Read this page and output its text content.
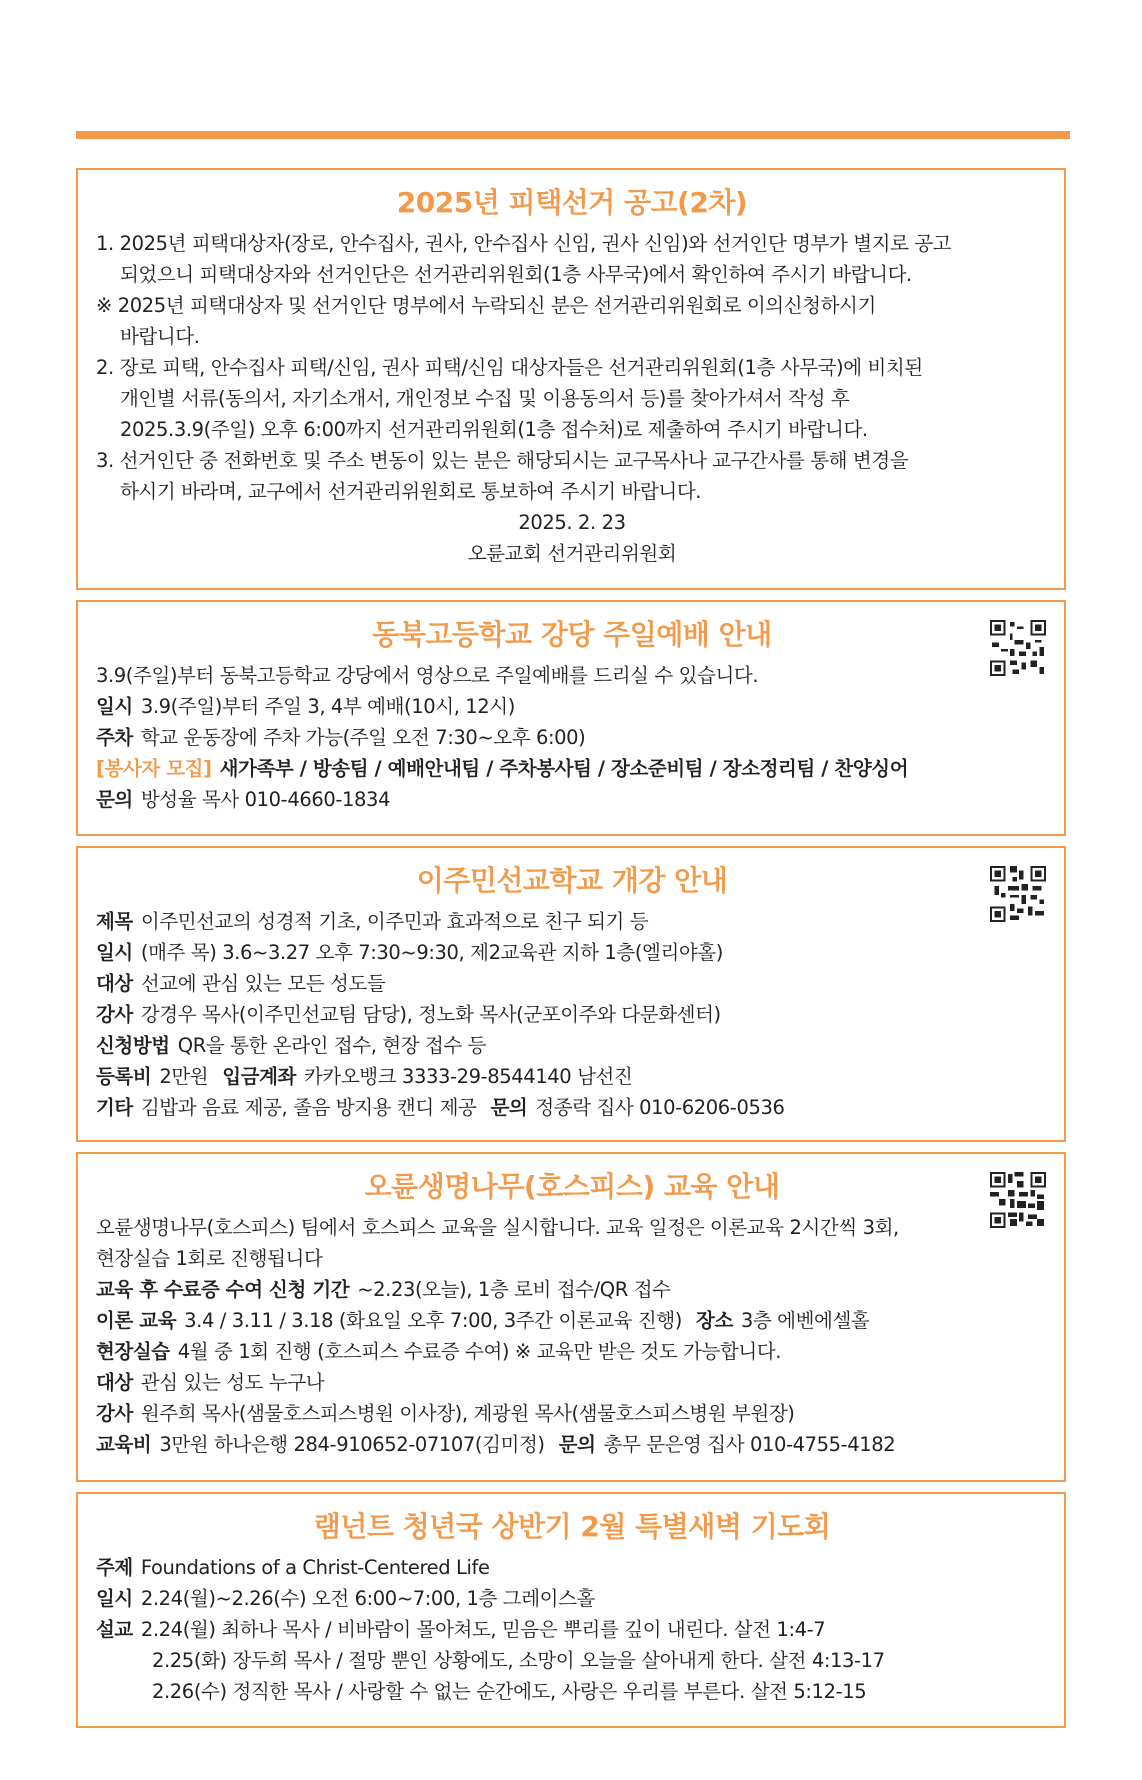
2025년 피택선거 공고(2차)
1. 2025년 피택대상자(장로, 안수집사, 권사, 안수집사 신임, 권사 신임)와 선거인단 명부가 별지로 공고
되었으니 피택대상자와 선거인단은 선거관리위원회(1층 사무국)에서 확인하여 주시기 바랍니다.
※ 2025년 피택대상자 및 선거인단 명부에서 누락되신 분은 선거관리위원회로 이의신청하시기
바랍니다.
2. 장로 피택, 안수집사 피택/신임, 권사 피택/신임 대상자들은 선거관리위원회(1층 사무국)에 비치된
개인별 서류(동의서, 자기소개서, 개인정보 수집 및 이용동의서 등)를 찾아가셔서 작성 후
2025.3.9(주일) 오후 6:00까지 선거관리위원회(1층 접수처)로 제출하여 주시기 바랍니다.
3. 선거인단 중 전화번호 및 주소 변동이 있는 분은 해당되시는 교구목사나 교구간사를 통해 변경을
하시기 바라며, 교구에서 선거관리위원회로 통보하여 주시기 바랍니다.
2025. 2. 23
오륜교회 선거관리위원회
동북고등학교 강당 주일예배 안내
3.9(주일)부터 동북고등학교 강당에서 영상으로 주일예배를 드리실 수 있습니다.
일시 3.9(주일)부터 주일 3, 4부 예배(10시, 12시)
주차 학교 운동장에 주차 가능(주일 오전 7:30~오후 6:00)
[봉사자 모집] 새가족부 / 방송팀 / 예배안내팀 / 주차봉사팀 / 장소준비팀 / 장소정리팀 / 찬양싱어
문의 방성율 목사 010-4660-1834
이주민선교학교 개강 안내
제목 이주민선교의 성경적 기초, 이주민과 효과적으로 친구 되기 등
일시 (매주 목) 3.6~3.27 오후 7:30~9:30, 제2교육관 지하 1층(엘리야홀)
대상 선교에 관심 있는 모든 성도들
강사 강경우 목사(이주민선교팀 담당), 정노화 목사(군포이주와 다문화센터)
신청방법 QR을 통한 온라인 접수, 현장 접수 등
등록비 2만원 입금계좌 카카오뱅크 3333-29-8544140 남선진
기타 김밥과 음료 제공, 졸음 방지용 캔디 제공 문의 정종락 집사 010-6206-0536
오륜생명나무(호스피스) 교육 안내
오륜생명나무(호스피스) 팀에서 호스피스 교육을 실시합니다. 교육 일정은 이론교육 2시간씩 3회,
현장실습 1회로 진행됩니다
교육 후 수료증 수여 신청 기간 ~2.23(오늘), 1층 로비 접수/QR 접수
이론 교육 3.4 / 3.11 / 3.18 (화요일 오후 7:00, 3주간 이론교육 진행) 장소 3층 에벤에셀홀
현장실습 4월 중 1회 진행 (호스피스 수료증 수여) ※ 교육만 받은 것도 가능합니다.
대상 관심 있는 성도 누구나
강사 원주희 목사(샘물호스피스병원 이사장), 계광원 목사(샘물호스피스병원 부원장)
교육비 3만원 하나은행 284-910652-07107(김미정) 문의 총무 문은영 집사 010-4755-4182
램넌트 청년국 상반기 2월 특별새벽 기도회
주제 Foundations of a Christ-Centered Life
일시 2.24(월)~2.26(수) 오전 6:00~7:00, 1층 그레이스홀
설교 2.24(월) 최하나 목사 / 비바람이 몰아쳐도, 믿음은 뿌리를 깊이 내린다. 살전 1:4-7
2.25(화) 장두희 목사 / 절망 뿐인 상황에도, 소망이 오늘을 살아내게 한다. 살전 4:13-17
2.26(수) 정직한 목사 / 사랑할 수 없는 순간에도, 사랑은 우리를 부른다. 살전 5:12-15
